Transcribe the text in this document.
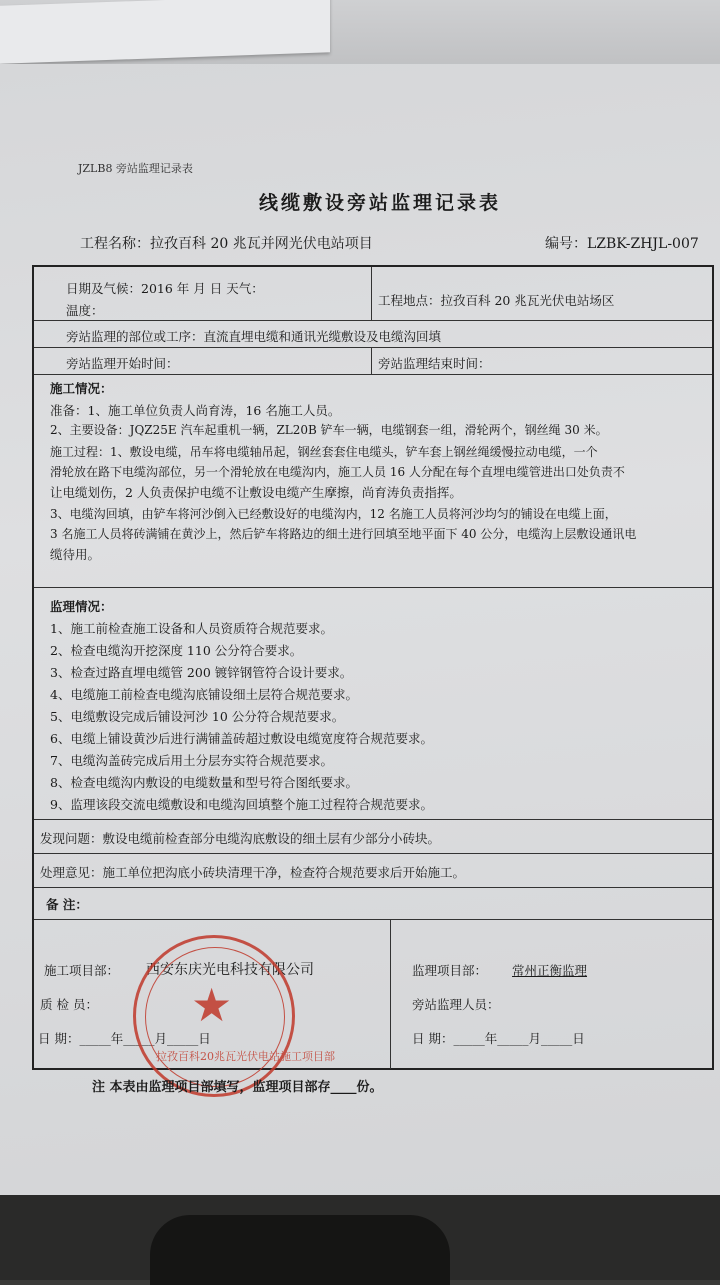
JZLB8 旁站监理记录表
线缆敷设旁站监理记录表
工程名称：拉孜百科 20 兆瓦并网光伏电站项目	编号：LZBK-ZHJL-007
日期及气候：2016 年 月 日 天气：
温度：
工程地点：拉孜百科 20 兆瓦光伏电站场区
旁站监理的部位或工序：直流直埋电缆和通讯光缆敷设及电缆沟回填
旁站监理开始时间：	旁站监理结束时间：
施工情况：
准备：1、施工单位负责人尚育涛，16 名施工人员。
2、主要设备：JQZ25E 汽车起重机一辆，ZL20B 铲车一辆，电缆钢套一组，滑轮两个，钢丝绳 30 米。
施工过程：1、敷设电缆，吊车将电缆轴吊起，钢丝套套住电缆头，铲车套上钢丝绳缓慢拉动电缆，一个
滑轮放在路下电缆沟部位，另一个滑轮放在电缆沟内，施工人员 16 人分配在每个直埋电缆管进出口处负责不
让电缆划伤，2 人负责保护电缆不让敷设电缆产生摩擦，尚育涛负责指挥。
3、电缆沟回填，由铲车将河沙倒入已经敷设好的电缆沟内，12 名施工人员将河沙均匀的铺设在电缆上面，
3 名施工人员将砖满铺在黄沙上，然后铲车将路边的细土进行回填至地平面下 40 公分，电缆沟上层敷设通讯电
缆待用。
监理情况：
1、施工前检查施工设备和人员资质符合规范要求。
2、检查电缆沟开挖深度 110 公分符合要求。
3、检查过路直埋电缆管 200 镀锌钢管符合设计要求。
4、电缆施工前检查电缆沟底铺设细土层符合规范要求。
5、电缆敷设完成后铺设河沙 10 公分符合规范要求。
6、电缆上铺设黄沙后进行满铺盖砖超过敷设电缆宽度符合规范要求。
7、电缆沟盖砖完成后用土分层夯实符合规范要求。
8、检查电缆沟内敷设的电缆数量和型号符合图纸要求。
9、监理该段交流电缆敷设和电缆沟回填整个施工过程符合规范要求。
发现问题：敷设电缆前检查部分电缆沟底敷设的细土层有少部分小砖块。
处理意见：施工单位把沟底小砖块清理干净，检查符合规范要求后开始施工。
备 注：
施工项目部： 西安东庆光电科技有限公司
质 检 员：
日 期：_____年_____月_____日
监理项目部： 常州正衡监理
旁站监理人员：
日 期：_____年_____月_____日
★
拉孜百科20兆瓦光伏电站施工项目部
注 本表由监理项目部填写，监理项目部存____份。
